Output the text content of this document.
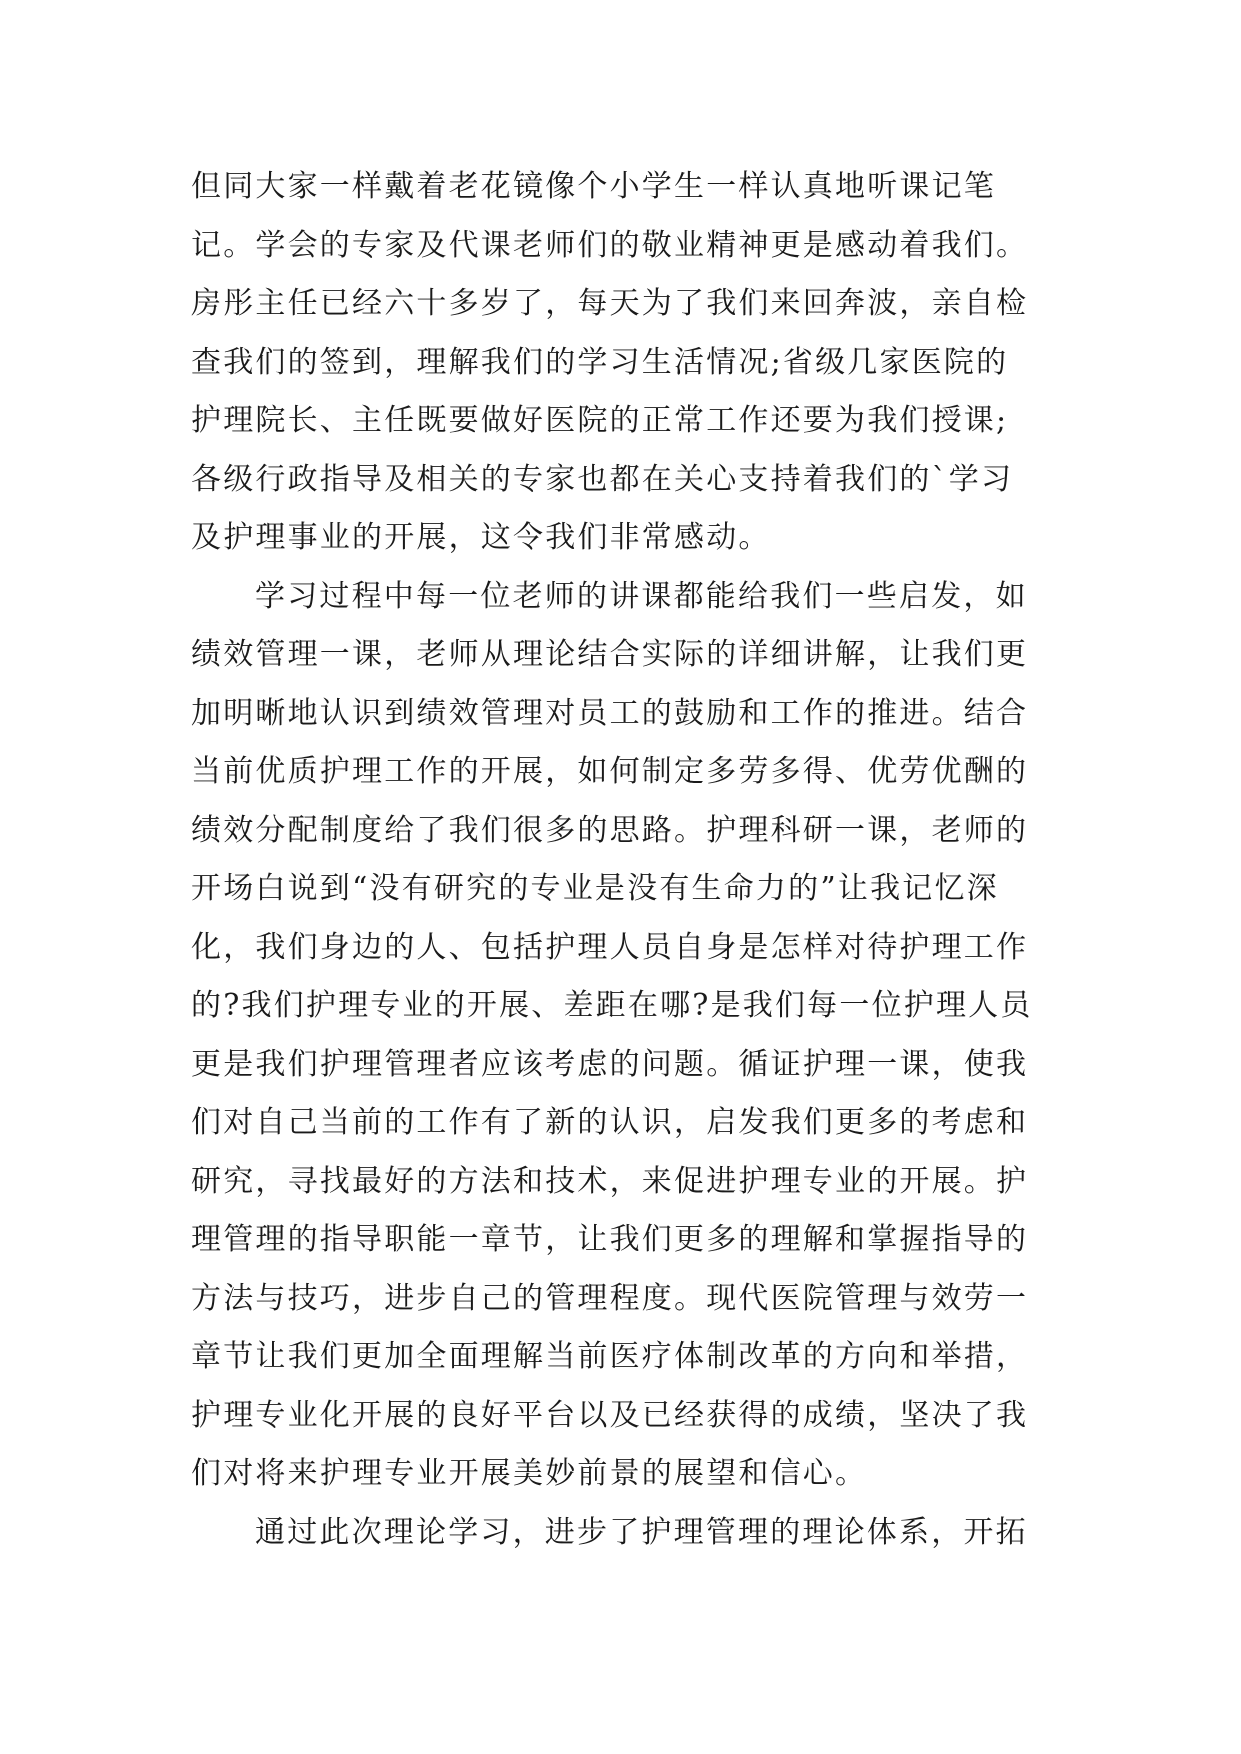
但同大家一样戴着老花镜像个小学生一样认真地听课记笔
记。学会的专家及代课老师们的敬业精神更是感动着我们。
房彤主任已经六十多岁了，每天为了我们来回奔波，亲自检
查我们的签到，理解我们的学习生活情况;省级几家医院的
护理院长、主任既要做好医院的正常工作还要为我们授课;
各级行政指导及相关的专家也都在关心支持着我们的`学习
及护理事业的开展，这令我们非常感动。
学习过程中每一位老师的讲课都能给我们一些启发，如
绩效管理一课，老师从理论结合实际的详细讲解，让我们更
加明晰地认识到绩效管理对员工的鼓励和工作的推进。结合
当前优质护理工作的开展，如何制定多劳多得、优劳优酬的
绩效分配制度给了我们很多的思路。护理科研一课，老师的
开场白说到“没有研究的专业是没有生命力的”让我记忆深
化，我们身边的人、包括护理人员自身是怎样对待护理工作
的?我们护理专业的开展、差距在哪?是我们每一位护理人员
更是我们护理管理者应该考虑的问题。循证护理一课，使我
们对自己当前的工作有了新的认识，启发我们更多的考虑和
研究，寻找最好的方法和技术，来促进护理专业的开展。护
理管理的指导职能一章节，让我们更多的理解和掌握指导的
方法与技巧，进步自己的管理程度。现代医院管理与效劳一
章节让我们更加全面理解当前医疗体制改革的方向和举措，
护理专业化开展的良好平台以及已经获得的成绩，坚决了我
们对将来护理专业开展美妙前景的展望和信心。
通过此次理论学习，进步了护理管理的理论体系，开拓
